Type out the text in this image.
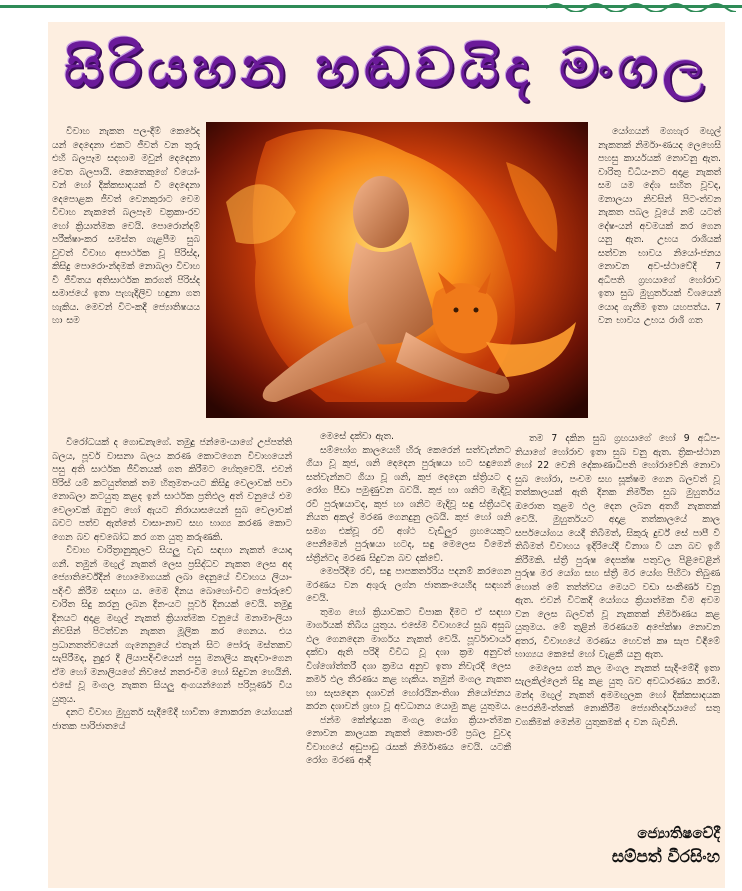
සිරියහන හඬවයිද මංගල

විවාහ නැකත පල-දීම් කෙරේද යන් දෙදෙනා එකට ජීවත් වන තුරු එහි බලපෑම සදහාම මවුන් දෙදෙනා වෙත බලපායි. කෙතෙකුගේ ව්යෝ-වන් හෝ දික්කසාදයක් වී දෙදෙනා දෙපොළක ජීවත් වෙනකුරාට වෙම විවාහ නැකතේ බලපෑම වක්‍රකා-රව හෝ ක්‍රියාත්මක වෙයි. පොරොන්දම් පරීක්ෂා-කර සමස්ත ගැළපීම සුබ වුවත් විවාහ අපාර්ථක වූ පිරිස්ද, කිසිදු පොරො-න්දමක් නොබලා විවාහ වී ජීවිතය අතිසාර්ථක කරගත් පිරිස්ද සමාජයේ ඉතා පැහැදිලිව හඳුනා ගත හැකිය. මෙවන් විට-කදී ජ්‍යොතිෂයය හා සම

යෝගයන් මගහැර මඟුල් නැකතක් නිර්මා-ණයද ලෙහෙසි පහසු කාර්යයක් නොවනු ඇත. වාරිතු විධිය-නට අදාළ නැකත් සම යම දේශ සහිත වූවද, මනාලයා නිවසින් පිට-ත්වන නැකත පබල වූයේ නම් යටත් දේෂ-යන් අවමයක් කර ගෙන යනු ඇත. උභය රාශියක් සත්වන භාවය නියෝ-ජනය නොවන අව-ස්ථාවේදී 7 අධිපති ග්‍රහයාගේ හෝරාව ඉතා සුබ මුහුර්තයක් විශයෙන් යොද ගැනීම ඉතා යහපත්ය. 7 වන භාවය උභය රාශි ගත

විරෝධයක් ද ගොඩනැගේ. තමුදු ජන්මෙ-යාගේ උප්පත්ති බලය, පූර්ව වාසනා බලය කරණ කොටගෙන විවාහයෙන් පසු අති සාර්ථක ජීවිතයක් ගත කිරීමට හේතුවෙයි. එවන් පිරිස් යම් කටයුත්තක් තම හිතුමත-යට කිසිදු වෙලාවක් පවා නොබලා කටයුතු කළද ඉන් සාර්ථක ප්‍රතිඵල අත් වනුයේ එම වෙලාවක් ඔනුට හෝ ඇයට නිරායාසයෙන් සුබ වෙලාවක් බවට පත්ව ඇත්තේ වාසා-නාව සහ භාග්‍ය කරණ කොට ගෙන බව අවබෝධ කර ගත යුතු කරුණකි.

විවාහ චාරිත්‍රානුකූලව සියලු වැඩ සඳහා නැකත් යොදා ගනී. තමුන් මඟුල් නැකත් ලෙස ප්‍රසිද්ධව නැකත ලෙස අද ජ්‍යොතිර්වේදීන් හොමොගයක් ලබා දෙනුයේ විවාහය ලියා-පදිංචි කිරීම සඳහා ය. මෙම දිනය බොහෝ-විට පෝරුවේ චාරිත සිදු කරනු ලබන දින-යට පූර්ව දිනයක් වෙයි. තමුදු දිනයට අදාළ මඟුල් නැකත් ක්‍රියාත්මක වනුයේ මනාමා-ලියා නිවසින් පිටත්වන නැකත මූලික කර ගෙනය. එය ප්‍රධානතත්වයෙන් ගැනෙනුයේ එතැන් සිට පෝරු මස්තකව සැපිරීමද, නුදුර දී ලියාපදිංචියෙන් පසු මනාලිය කැඳවා-ගෙන ඒම හෝ මනාලියගේ නිවසේ නතර-වීම හෝ සිදුවන හෙයිනි. එසේ වූ මංගල නැකත සියලු අංගයන්ගෙන් පරිපූර්ණ විය යුතුය.

දනට විවාහ මුහුර්ත සැදීමේදී භාවිතා නොකරන යෝගයක් ජාතක පාරිජාතයේ

මෙසේ දක්වා ඇත.

සම්භෝග කාලයෙහි හිරු කෙරෙන් සත්වැන්නට ගියා වූ කුජ, ශනි දෙදෙන පුරුෂයා හට සඳුගෙන් සත්වැන්නට ගියා වූ ශනි, කුජ දෙදෙන ස්ත්‍රියට ද රෝග පීඩා පමුණුවන බවයි. කුජ හා ශනිට මැදිවූ රවි පුරුෂයාටද, කුජ හා ශනිට මැදිවූ සඳු ස්ත්‍රීයටද නියත අකල් මරණ ගෙනදුනු ලබයි. කුජ හෝ ශනි සමග එක්වූ රවි අශ්ථ වැඩිලුර ග්‍රහයෙකුට පෙනීමෙන් පුරුෂයා හටද, සඳු මෙලෙස වීමෙන් ස්ත්‍රීන්ටද මරණ සිදුවන බව දක්වේ.

මෙපරිදිම රවි, සඳු පාපකර්තරිය පදනම් කරගෙන මරණය වන අශුරු ලග්න ජාතක-යෙහිද සඳහන් වෙයි.

තුමග හෝ ක්‍රියාවකට විපාක දීමට ඒ සඳහා මාර්ගයක් තිබිය යුතුය. එසේම විවාහයේ සුබ අසුබ ඵල ගෙනදෙන මාර්ගය නැකත් වෙයි. පූර්වාචාර්ය දක්වා ඇති පරිදි විවිධ වූ දශා ක්‍රම අනුවත් විශ්ශෝත්තරී දශා ක්‍රමය අනුව ඉතා නිවැරදි ලෙස කර්ම ඵල තීරණය කළ හැකිය. තමුන් මංගල නැකත හා සැසඳෙන දශාවන් හෝරයින-තිශා නියෝජනය කරන දශාවන් ශ්‍රභා වූ අවධානය යොමු කළ යුතුමය.

ජන්ම කේන්ද්‍රයක මංගල යෝග ක්‍රියා-ත්මක නොවන කාලයක නැකත් කොත-රම් ප්‍රබල වුවද විවාහයේ අඩුපාඩු රැසක් නිර්මාණය වෙයි. යටකී රෝග මරණ ආදී

තම 7 දකින සුබ ග්‍රහයාගේ හෝ 9 අධිප-තියාගේ හෝරාව ඉතා සුබ වනු ඇත. ත්‍රික-ස්ථාන හෝ 22 වෙනි දේකාණාධිපති හෝරාවේනි නොවා සුබ හෝරා, පංචම සහ සූක්ෂම ගෙන බලවත් වූ තත්කාලයක් ඇති දිනක නිර්මිත සුබ මුහුර්තය ඔරොත තුළම ඵල දෙන ලබන අතගී නැකතක් වෙයි. මුහුර්තයට අදාළ තත්කාලයේ කාල සර්පයෝගය යෙදී තිබීමත්, සිකුරු දුර්ව් සේ පාපී වී තිබීමත් විවාහය ඉදිරියේදී විනාශ වී යන බව ඉගී කිරීමකි. ස්ත්‍රී පුරුෂ දෙපක්ෂ පතුවල පිළිවෙළින් පුරුෂ මර යෝග සහ ස්ත්‍රී මර යෝග පිහිටා තිබුණ හොත් මේ තත්ත්වය මෙයට වඩා සංකීර්ණ වනු ඇත. එවන් විටකදී යෝගය ක්‍රියාත්මක වීම අවම වන ලෙස බලවත් වූ නැකතක් නිර්මාණය කළ යුතුමය. මේ තුළින් මරණයම අපේක්ෂා නොවන අතර, විවාහයේ මරණය හෙවත් කෘ සැප විඳීමේ භාග්‍යය කෙසේ හෝ වැළකී යනු ඇත.

මෙලෙස ගත් කල මංගල නැකත් සැදී-මේදී ඉතා සැලකිල්ලෙන් සිදු කළ යුතු බව අවධාරණය කරමි. මන්ද මඟුල් නැකත් අමමඟුලක හෝ දික්කසාදයක පෙරනිමි-ත්තක් නොකිරීම ජ්‍යොතිර්ඥයාගේ සතු වගකීමක් මෙන්ම යුතුකමක් ද වන බැවිනි.

ජ්‍යොතිෂවේදී
සම්පත් වීරසිංහ
